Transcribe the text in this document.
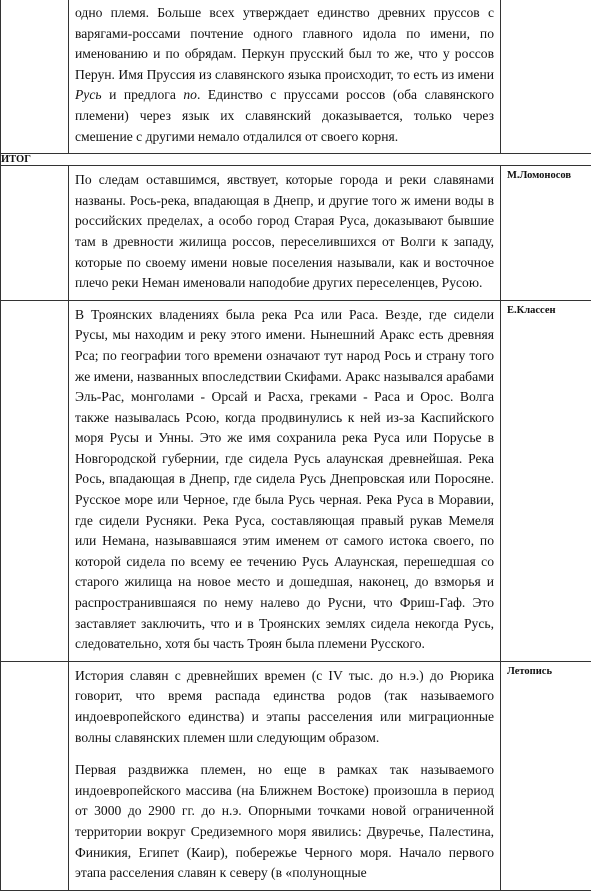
	одно племя. Больше всех утверждает единство древних пруссов с варягами-россами почтение одного главного идола по имени, по именованию и по обрядам. Перкун прусский был то же, что у россов Перун. Имя Пруссия из славянского языка происходит, то есть из имени Русь и предлога по. Единство с пруссами россов (оба славянского племени) через язык их славянский доказывается, только через смешение с другими немало отдалился от своего корня.	

ИТОГ		

	По следам оставшимся, явствует, которые города и реки славянами названы. Рось-река, впадающая в Днепр, и другие того ж имени воды в российских пределах, а особо город Старая Руса, доказывают бывшие там в древности жилища россов, переселившихся от Волги к западу, которые по своему имени новые поселения называли, как и восточное плечо реки Неман именовали наподобие других переселенцев, Русою.	М.Ломоносов

	В Троянских владениях была река Рса или Раса. Везде, где сидели Русы, мы находим и реку этого имени. Нынешний Аракс есть древняя Рса; по географии того времени означают тут народ Рось и страну того же имени, названных впоследствии Скифами. Аракс назывался арабами Эль-Рас, монголами - Орсай и Расха, греками - Раса и Орос. Волга также называлась Рсою, когда продвинулись к ней из-за Каспийского моря Русы и Унны. Это же имя сохранила река Руса или Порусье в Новгородской губернии, где сидела Русь алаунская древнейшая. Река Рось, впадающая в Днепр, где сидела Русь Днепровская или Поросяне. Русское море или Черное, где была Русь черная. Река Руса в Моравии, где сидели Русняки. Река Руса, составляющая правый рукав Мемеля или Немана, называвшаяся этим именем от самого истока своего, по которой сидела по всему ее течению Русь Алаунская, перешедшая со старого жилища на новое место и дошедшая, наконец, до взморья и распространившаяся по нему налево до Русни, что Фриш-Гаф. Это заставляет заключить, что и в Троянских землях сидела некогда Русь, следовательно, хотя бы часть Троян была племени Русского.	Е.Классен

	История славян с древнейших времен (с IV тыс. до н.э.) до Рюрика говорит, что время распада единства родов (так называемого индоевропейского единства) и этапы расселения или миграционные волны славянских племен шли следующим образом.

Первая раздвижка племен, но еще в рамках так называемого индоевропейского массива (на Ближнем Востоке) произошла в период от 3000 до 2900 гг. до н.э. Опорными точками новой ограниченной территории вокруг Средиземного моря явились: Двуречье, Палестина, Финикия, Египет (Каир), побережье Черного моря. Начало первого этапа расселения славян к северу (в «полунощные	Летопись
